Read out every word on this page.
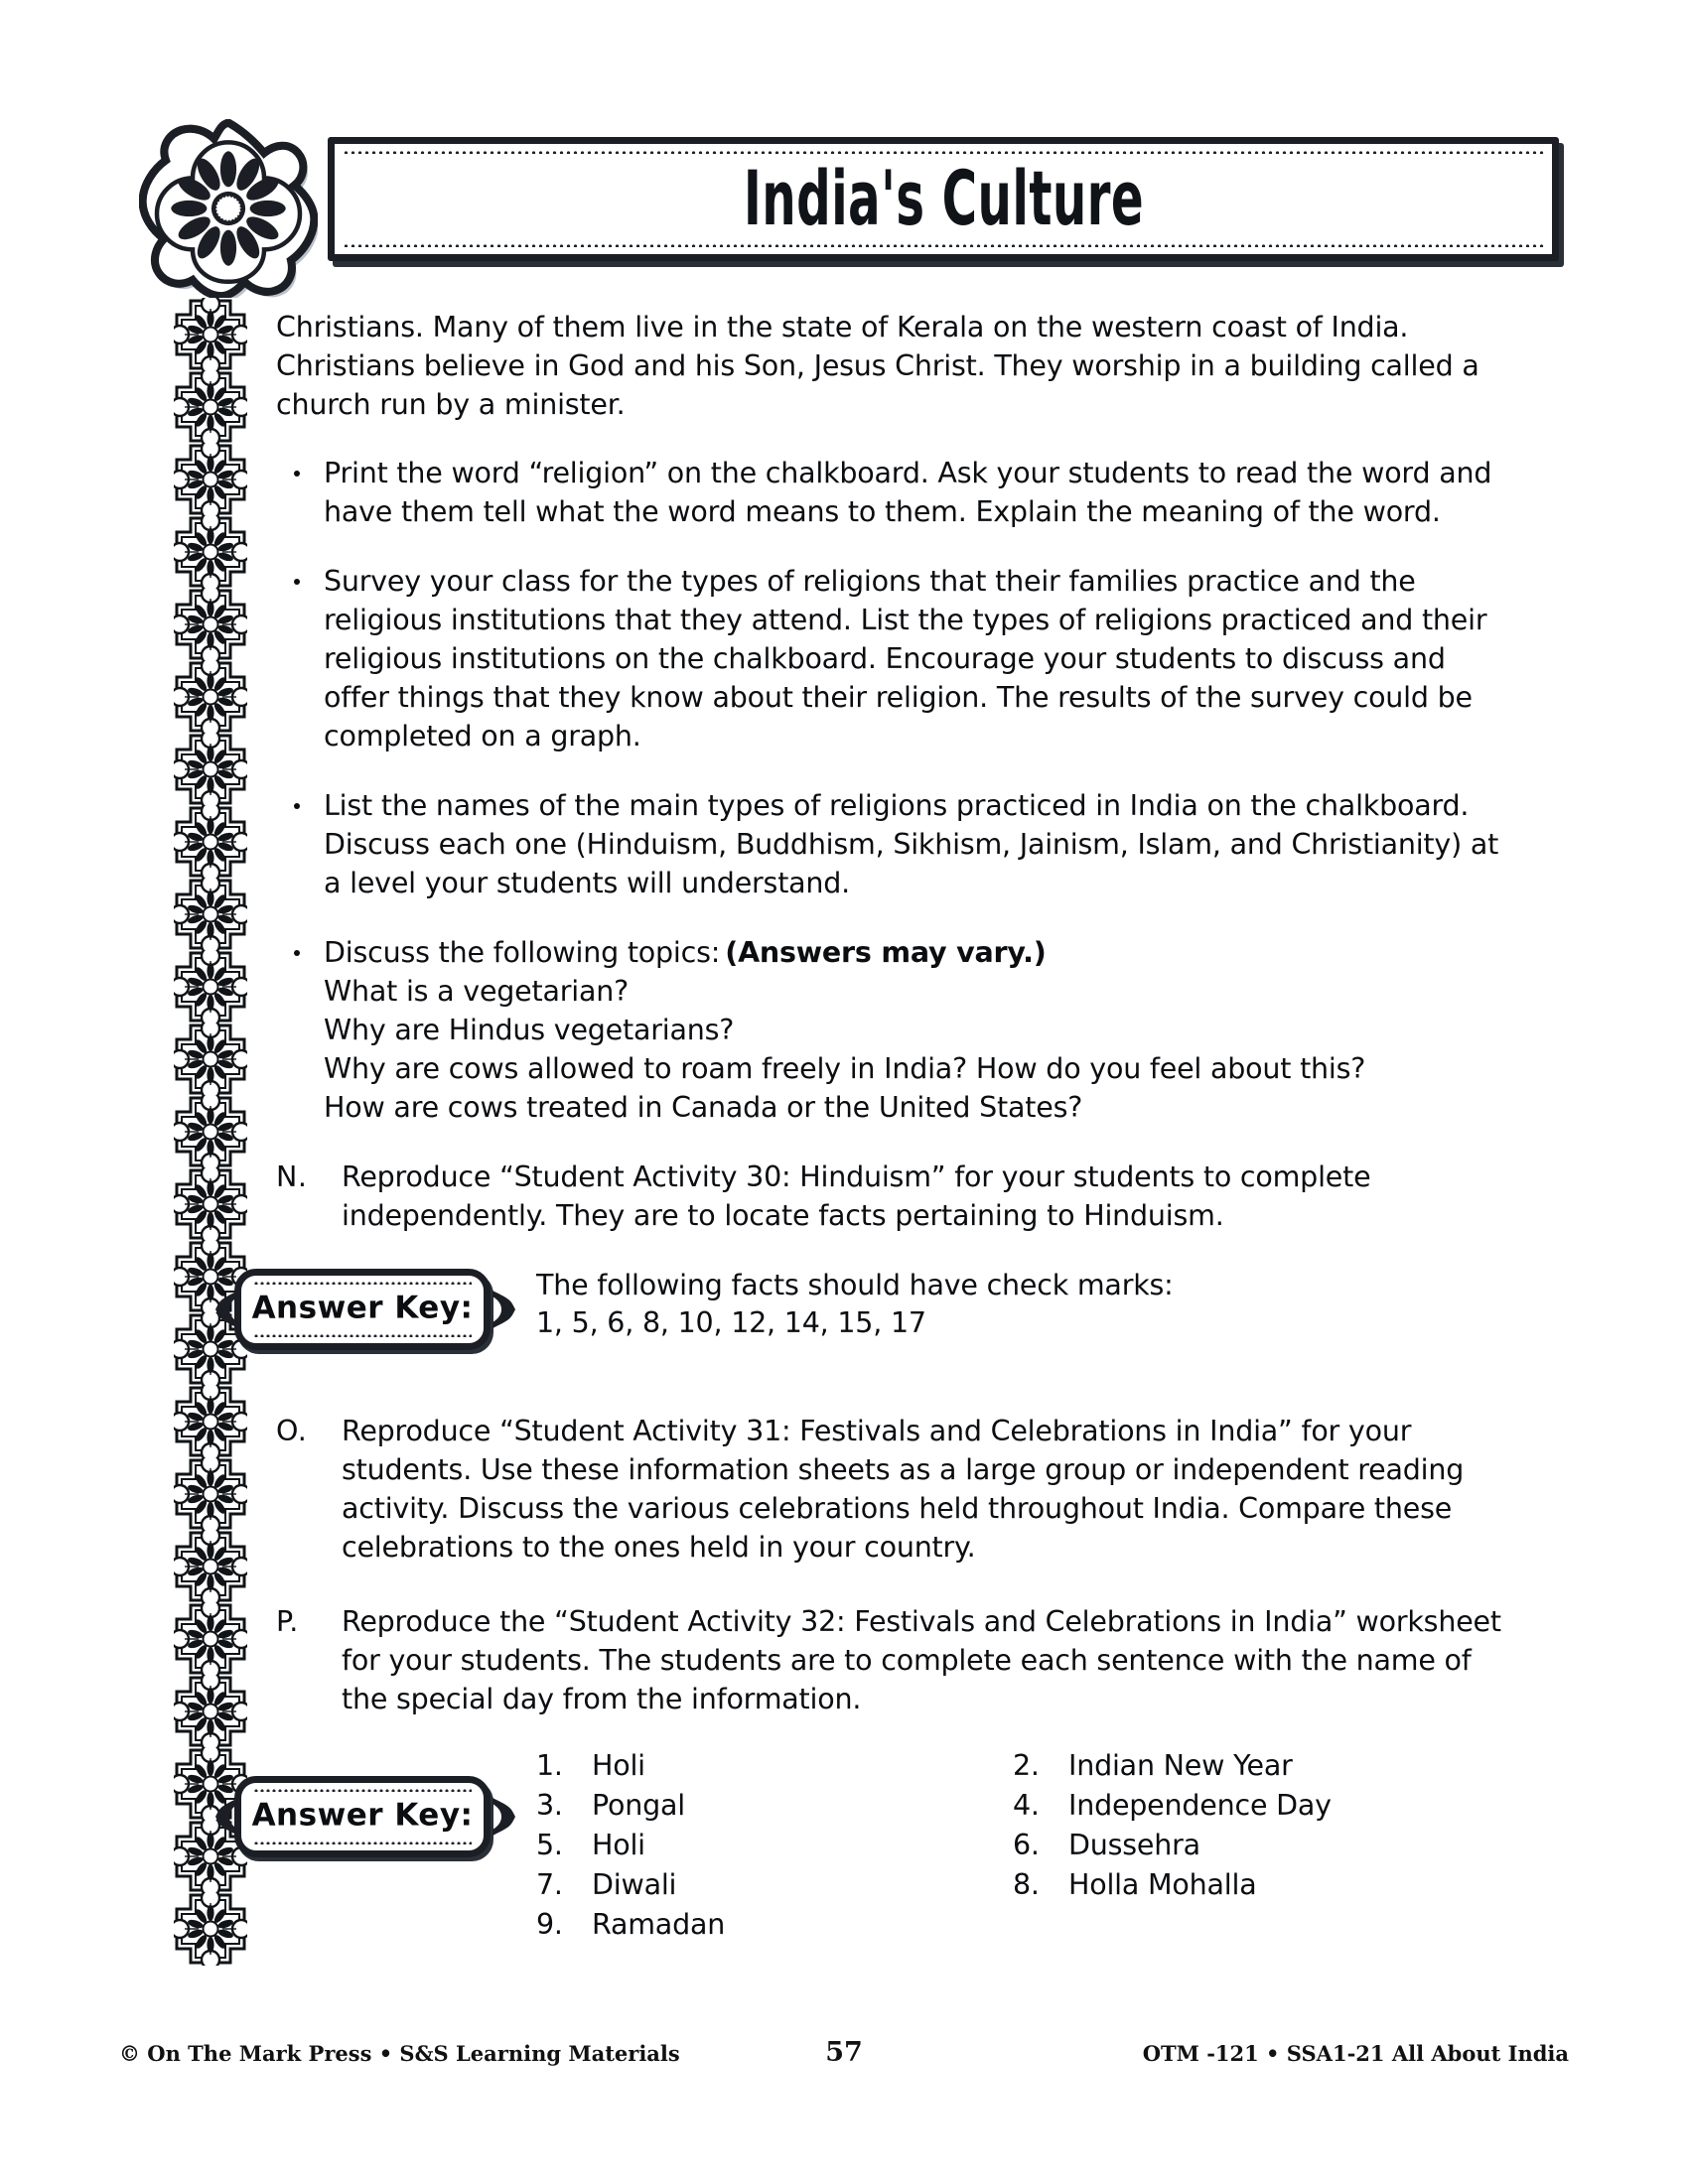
India's Culture

Christians. Many of them live in the state of Kerala on the western coast of India. Christians believe in God and his Son, Jesus Christ. They worship in a building called a church run by a minister.

Print the word “religion” on the chalkboard. Ask your students to read the word and have them tell what the word means to them. Explain the meaning of the word.
Survey your class for the types of religions that their families practice and the religious institutions that they attend. List the types of religions practiced and their religious institutions on the chalkboard. Encourage your students to discuss and offer things that they know about their religion. The results of the survey could be completed on a graph.
List the names of the main types of religions practiced in India on the chalkboard. Discuss each one (Hinduism, Buddhism, Sikhism, Jainism, Islam, and Christianity) at a level your students will understand.
Discuss the following topics: (Answers may vary.)
What is a vegetarian?
Why are Hindus vegetarians?
Why are cows allowed to roam freely in India? How do you feel about this?
How are cows treated in Canada or the United States?
N.	Reproduce “Student Activity 30: Hinduism” for your students to complete independently. They are to locate facts pertaining to Hinduism.
Answer Key:
The following facts should have check marks:
1, 5, 6, 8, 10, 12, 14, 15, 17
O.	Reproduce “Student Activity 31: Festivals and Celebrations in India” for your students. Use these information sheets as a large group or independent reading activity. Discuss the various celebrations held throughout India. Compare these celebrations to the ones held in your country.
P.	Reproduce the “Student Activity 32: Festivals and Celebrations in India” worksheet for your students. The students are to complete each sentence with the name of the special day from the information.
Answer Key:
1.	Holi	2.	Indian New Year
3.	Pongal	4.	Independence Day
5.	Holi	6.	Dussehra
7.	Diwali	8.	Holla Mohalla
9.	Ramadan
© On The Mark Press • S&S Learning Materials	57	OTM -121 • SSA1-21 All About India
